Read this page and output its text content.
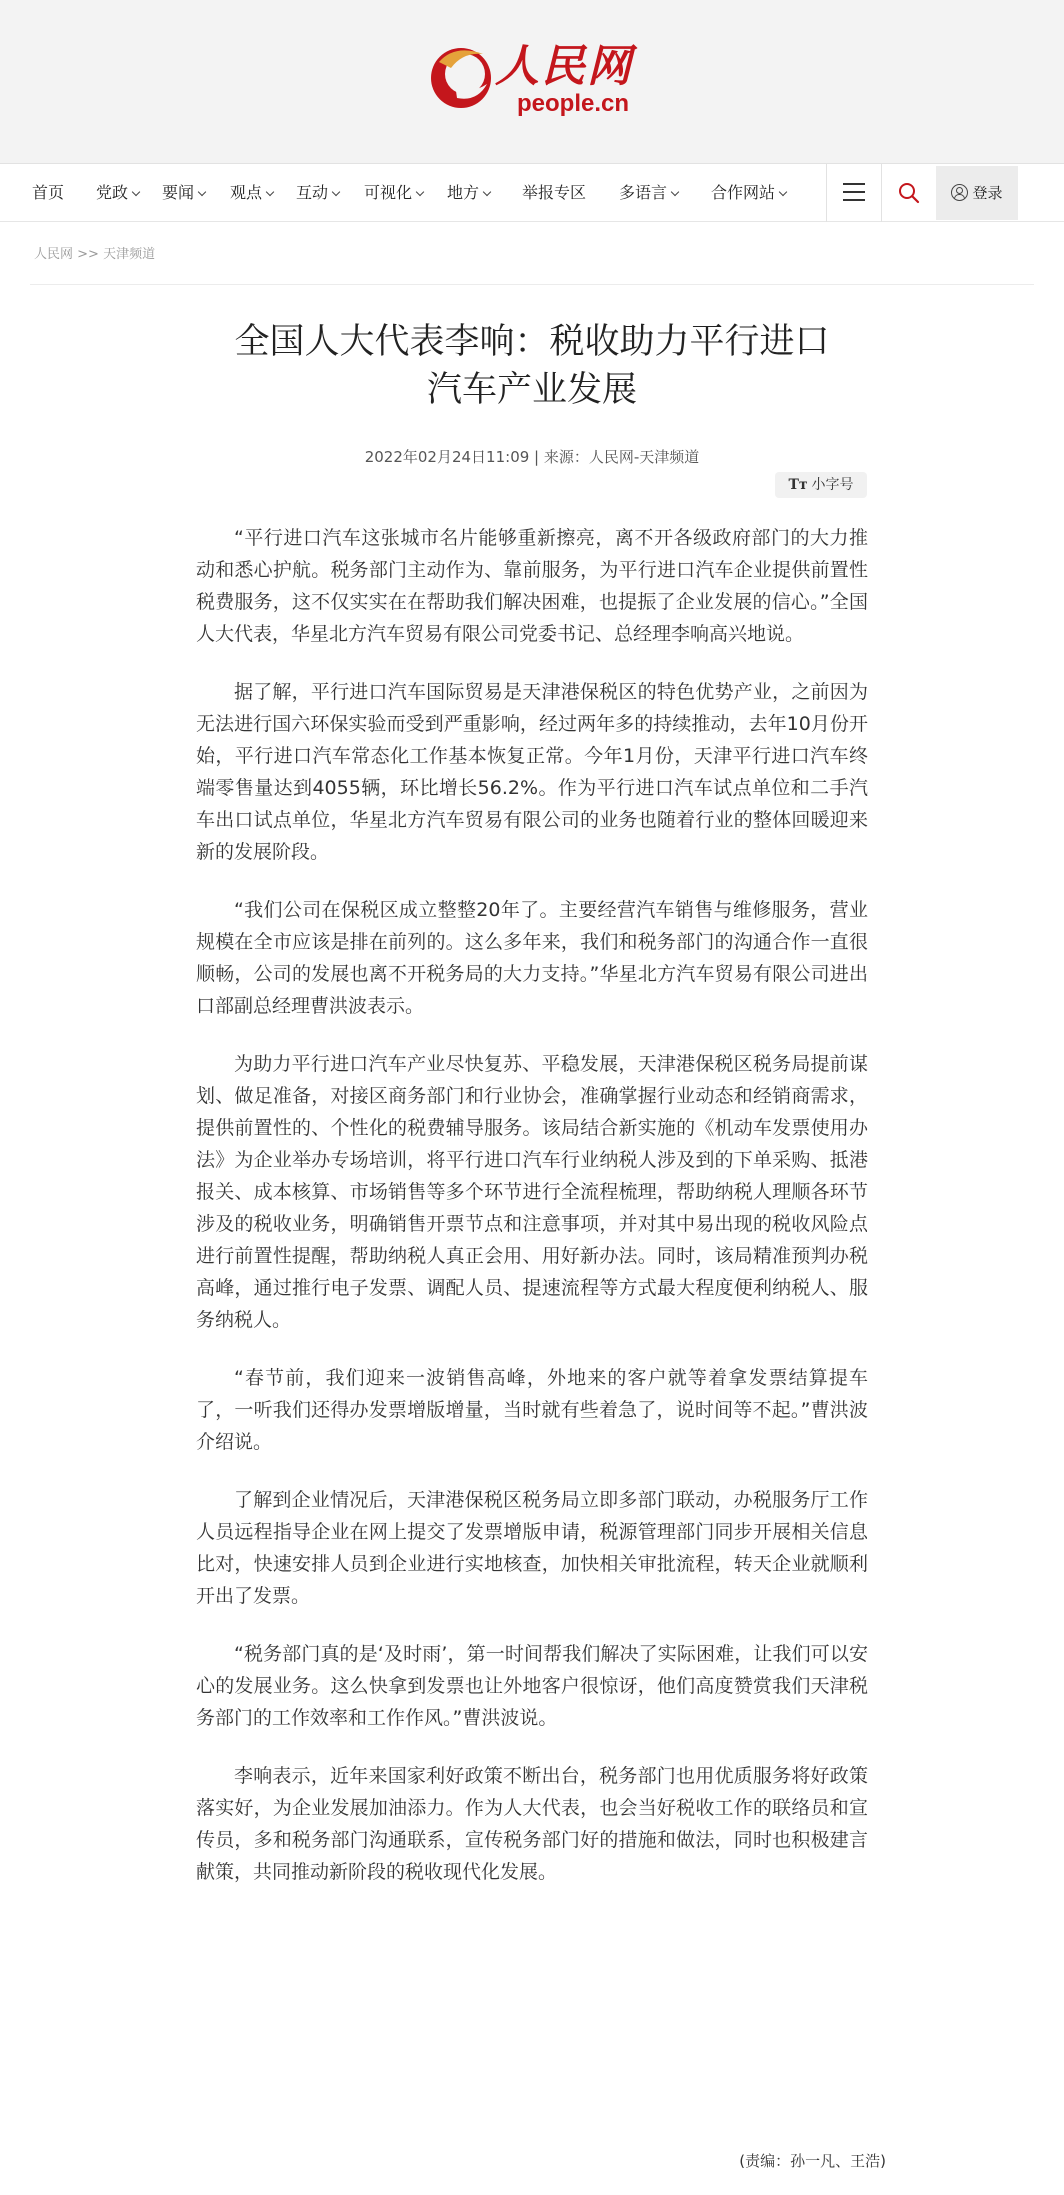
人民网
people.cn
首页 党政	要闻	观点	互动	可视化	地方	举报专区 多语言	合作网站	登录
人民网 >> 天津频道
全国人大代表李响：税收助力平行进口
汽车产业发展
2022年02月24日11:09 | 来源：人民网-天津频道
Tт 小字号

“平行进口汽车这张城市名片能够重新擦亮，离不开各级政府部门的大力推动和悉心护航。税务部门主动作为、靠前服务，为平行进口汽车企业提供前置性税费服务，这不仅实实在在帮助我们解决困难，也提振了企业发展的信心。”全国人大代表，华星北方汽车贸易有限公司党委书记、总经理李响高兴地说。

据了解，平行进口汽车国际贸易是天津港保税区的特色优势产业，之前因为无法进行国六环保实验而受到严重影响，经过两年多的持续推动，去年10月份开始，平行进口汽车常态化工作基本恢复正常。今年1月份，天津平行进口汽车终端零售量达到4055辆，环比增长56.2%。作为平行进口汽车试点单位和二手汽车出口试点单位，华星北方汽车贸易有限公司的业务也随着行业的整体回暖迎来新的发展阶段。

“我们公司在保税区成立整整20年了。主要经营汽车销售与维修服务，营业规模在全市应该是排在前列的。这么多年来，我们和税务部门的沟通合作一直很顺畅，公司的发展也离不开税务局的大力支持。”华星北方汽车贸易有限公司进出口部副总经理曹洪波表示。

为助力平行进口汽车产业尽快复苏、平稳发展，天津港保税区税务局提前谋划、做足准备，对接区商务部门和行业协会，准确掌握行业动态和经销商需求，提供前置性的、个性化的税费辅导服务。该局结合新实施的《机动车发票使用办法》为企业举办专场培训，将平行进口汽车行业纳税人涉及到的下单采购、抵港报关、成本核算、市场销售等多个环节进行全流程梳理，帮助纳税人理顺各环节涉及的税收业务，明确销售开票节点和注意事项，并对其中易出现的税收风险点进行前置性提醒，帮助纳税人真正会用、用好新办法。同时，该局精准预判办税高峰，通过推行电子发票、调配人员、提速流程等方式最大程度便利纳税人、服务纳税人。

“春节前，我们迎来一波销售高峰，外地来的客户就等着拿发票结算提车了，一听我们还得办发票增版增量，当时就有些着急了，说时间等不起。”曹洪波介绍说。

了解到企业情况后，天津港保税区税务局立即多部门联动，办税服务厅工作人员远程指导企业在网上提交了发票增版申请，税源管理部门同步开展相关信息比对，快速安排人员到企业进行实地核查，加快相关审批流程，转天企业就顺利开出了发票。

“税务部门真的是‘及时雨’，第一时间帮我们解决了实际困难，让我们可以安心的发展业务。这么快拿到发票也让外地客户很惊讶，他们高度赞赏我们天津税务部门的工作效率和工作作风。”曹洪波说。

李响表示，近年来国家利好政策不断出台，税务部门也用优质服务将好政策落实好，为企业发展加油添力。作为人大代表，也会当好税收工作的联络员和宣传员，多和税务部门沟通联系，宣传税务部门好的措施和做法，同时也积极建言献策，共同推动新阶段的税收现代化发展。

(责编：孙一凡、王浩)
